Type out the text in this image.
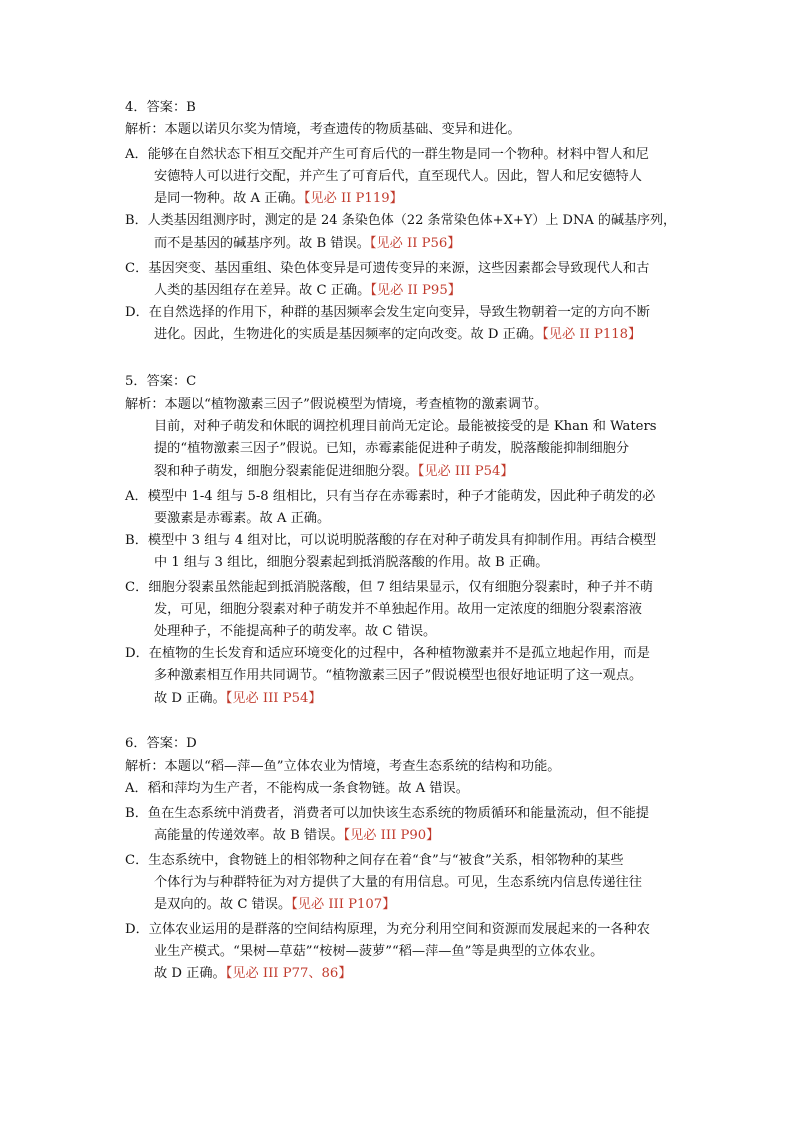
4．答案：B
解析：本题以诺贝尔奖为情境，考查遗传的物质基础、变异和进化。
A．能够在自然状态下相互交配并产生可育后代的一群生物是同一个物种。材料中智人和尼
安德特人可以进行交配，并产生了可育后代，直至现代人。因此，智人和尼安德特人
是同一物种。故 A 正确。【见必 II P119】
B．人类基因组测序时，测定的是 24 条染色体（22 条常染色体+X+Y）上 DNA 的碱基序列，
而不是基因的碱基序列。故 B 错误。【见必 II P56】
C．基因突变、基因重组、染色体变异是可遗传变异的来源，这些因素都会导致现代人和古
人类的基因组存在差异。故 C 正确。【见必 II P95】
D．在自然选择的作用下，种群的基因频率会发生定向变异，导致生物朝着一定的方向不断
进化。因此，生物进化的实质是基因频率的定向改变。故 D 正确。【见必 II P118】
5．答案：C
解析：本题以“植物激素三因子”假说模型为情境，考查植物的激素调节。
目前，对种子萌发和休眠的调控机理目前尚无定论。最能被接受的是 Khan 和 Waters
提的“植物激素三因子”假说。已知，赤霉素能促进种子萌发，脱落酸能抑制细胞分
裂和种子萌发，细胞分裂素能促进细胞分裂。【见必 III P54】
A．模型中 1-4 组与 5-8 组相比，只有当存在赤霉素时，种子才能萌发，因此种子萌发的必
要激素是赤霉素。故 A 正确。
B．模型中 3 组与 4 组对比，可以说明脱落酸的存在对种子萌发具有抑制作用。再结合模型
中 1 组与 3 组比，细胞分裂素起到抵消脱落酸的作用。故 B 正确。
C．细胞分裂素虽然能起到抵消脱落酸，但 7 组结果显示，仅有细胞分裂素时，种子并不萌
发，可见，细胞分裂素对种子萌发并不单独起作用。故用一定浓度的细胞分裂素溶液
处理种子，不能提高种子的萌发率。故 C 错误。
D．在植物的生长发育和适应环境变化的过程中，各种植物激素并不是孤立地起作用，而是
多种激素相互作用共同调节。“植物激素三因子”假说模型也很好地证明了这一观点。
故 D 正确。【见必 III P54】
6．答案：D
解析：本题以“稻—萍—鱼”立体农业为情境，考查生态系统的结构和功能。
A．稻和萍均为生产者，不能构成一条食物链。故 A 错误。
B．鱼在生态系统中消费者，消费者可以加快该生态系统的物质循环和能量流动，但不能提
高能量的传递效率。故 B 错误。【见必 III P90】
C．生态系统中，食物链上的相邻物种之间存在着“食”与“被食”关系，相邻物种的某些
个体行为与种群特征为对方提供了大量的有用信息。可见，生态系统内信息传递往往
是双向的。故 C 错误。【见必 III P107】
D．立体农业运用的是群落的空间结构原理，为充分利用空间和资源而发展起来的一各种农
业生产模式。“果树—草菇”“桉树—菠萝”“稻—萍—鱼”等是典型的立体农业。
故 D 正确。【见必 III P77、86】
